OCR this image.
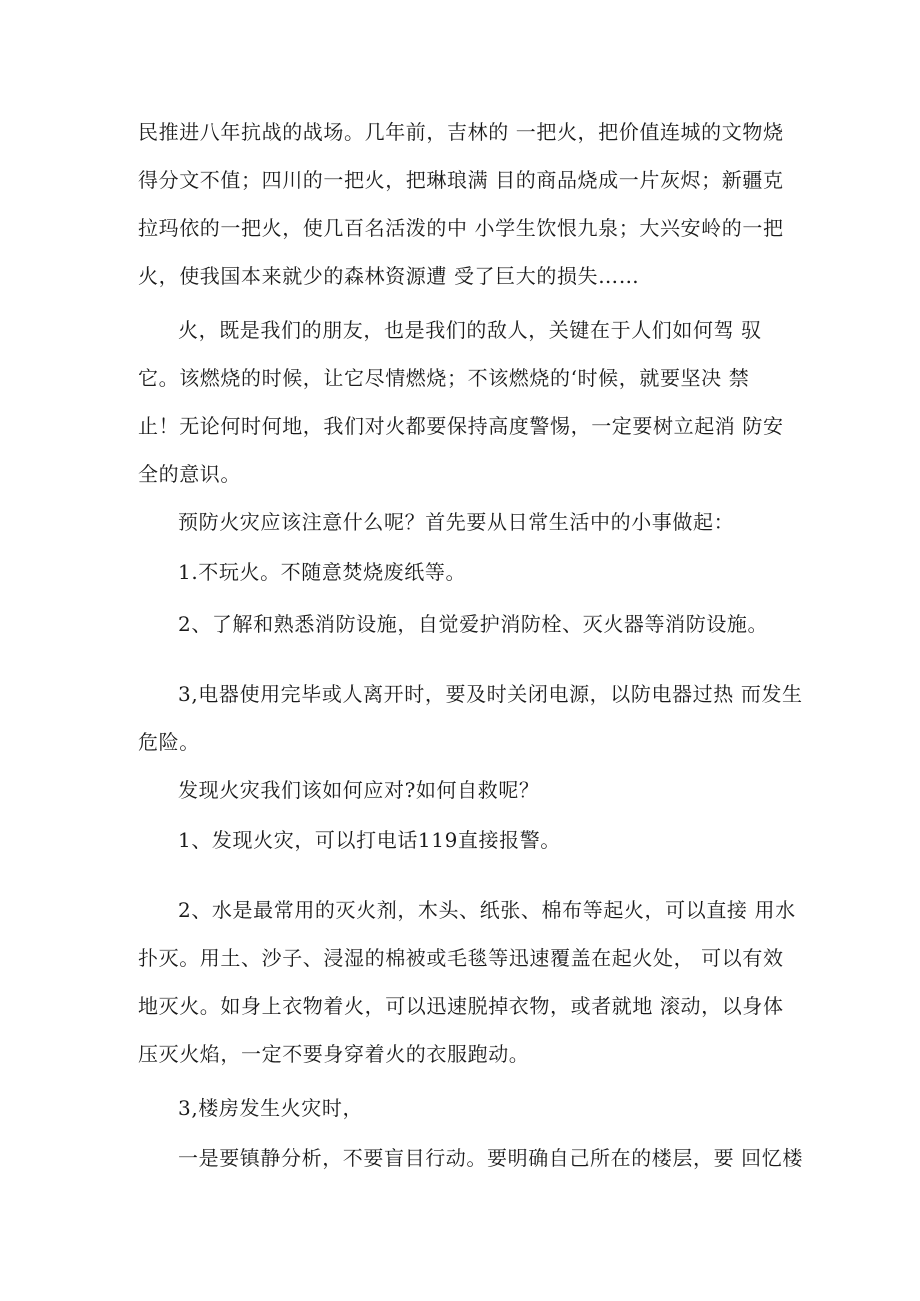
民推进八年抗战的战场。几年前，吉林的 一把火，把价值连城的文物烧
得分文不值；四川的一把火，把琳琅满 目的商品烧成一片灰烬；新疆克
拉玛依的一把火，使几百名活泼的中 小学生饮恨九泉；大兴安岭的一把
火，使我国本来就少的森林资源遭 受了巨大的损失……
火，既是我们的朋友，也是我们的敌人，关键在于人们如何驾 驭
它。该燃烧的时候，让它尽情燃烧；不该燃烧的‘时候，就要坚决 禁
止！无论何时何地，我们对火都要保持高度警惕，一定要树立起消 防安
全的意识。
预防火灾应该注意什么呢？首先要从日常生活中的小事做起：
1.不玩火。不随意焚烧废纸等。
2、了解和熟悉消防设施，自觉爱护消防栓、灭火器等消防设施。
3,电器使用完毕或人离开时，要及时关闭电源，以防电器过热 而发生
危险。
发现火灾我们该如何应对?如何自救呢？
1、发现火灾，可以打电话119直接报警。
2、水是最常用的灭火剂，木头、纸张、棉布等起火，可以直接 用水
扑灭。用土、沙子、浸湿的棉被或毛毯等迅速覆盖在起火处， 可以有效
地灭火。如身上衣物着火，可以迅速脱掉衣物，或者就地 滚动，以身体
压灭火焰，一定不要身穿着火的衣服跑动。
3,楼房发生火灾时，
一是要镇静分析，不要盲目行动。要明确自己所在的楼层，要 回忆楼
